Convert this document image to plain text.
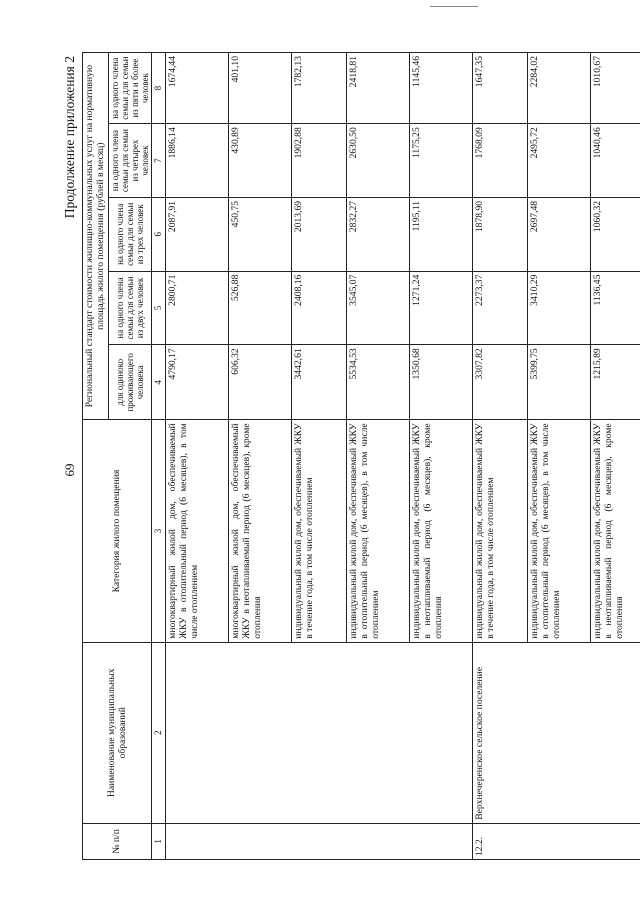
69
Продолжение приложения 2
№ п/п	Наименование муниципальных образований	Категория жилого помещения	Региональный стандарт стоимости жилищно-коммунальных услуг на нормативную площадь жилого помещения (рублей в месяц)				
			для одиноко проживающего человека	на одного члена семьи для семьи из двух человек	на одного члена семьи для семьи из трех человек	на одного члена семьи для семьи из четырех человек	на одного члена семьи для семьи из пяти и более человек
1	2	3	4	5	6	7	8
		многоквартирный жилой дом, обеспечиваемый ЖКУ в отопительный период (6 месяцев), в том числе отоплением	4790,17	2800,71	2087,91	1886,14	1674,44
		многоквартирный жилой дом, обеспечиваемый ЖКУ в неотапливаемый период (6 месяцев), кроме отопления	606,32	526,88	450,75	430,89	401,10
		индивидуальный жилой дом, обеспечиваемый ЖКУ в течение года, в том числе отоплением	3442,61	2408,16	2013,69	1902,88	1782,13
		индивидуальный жилой дом, обеспечиваемый ЖКУ в отопительный период (6 месяцев), в том числе отоплением	5534,53	3545,07	2832,27	2630,50	2418,81
		индивидуальный жилой дом, обеспечиваемый ЖКУ в неотапливаемый период (6 месяцев), кроме отопления	1350,68	1271,24	1195,11	1175,25	1145,46
12.2.	Верхнечеренское сельское поселение	индивидуальный жилой дом, обеспечиваемый ЖКУ в течение года, в том числе отоплением	3307,82	2273,37	1878,90	1768,09	1647,35
		индивидуальный жилой дом, обеспечиваемый ЖКУ в отопительный период (6 месяцев), в том числе отоплением	5399,75	3410,29	2697,48	2495,72	2284,02
		индивидуальный жилой дом, обеспечиваемый ЖКУ в неотапливаемый период (6 месяцев), кроме отопления	1215,89	1136,45	1060,32	1040,46	1010,67
